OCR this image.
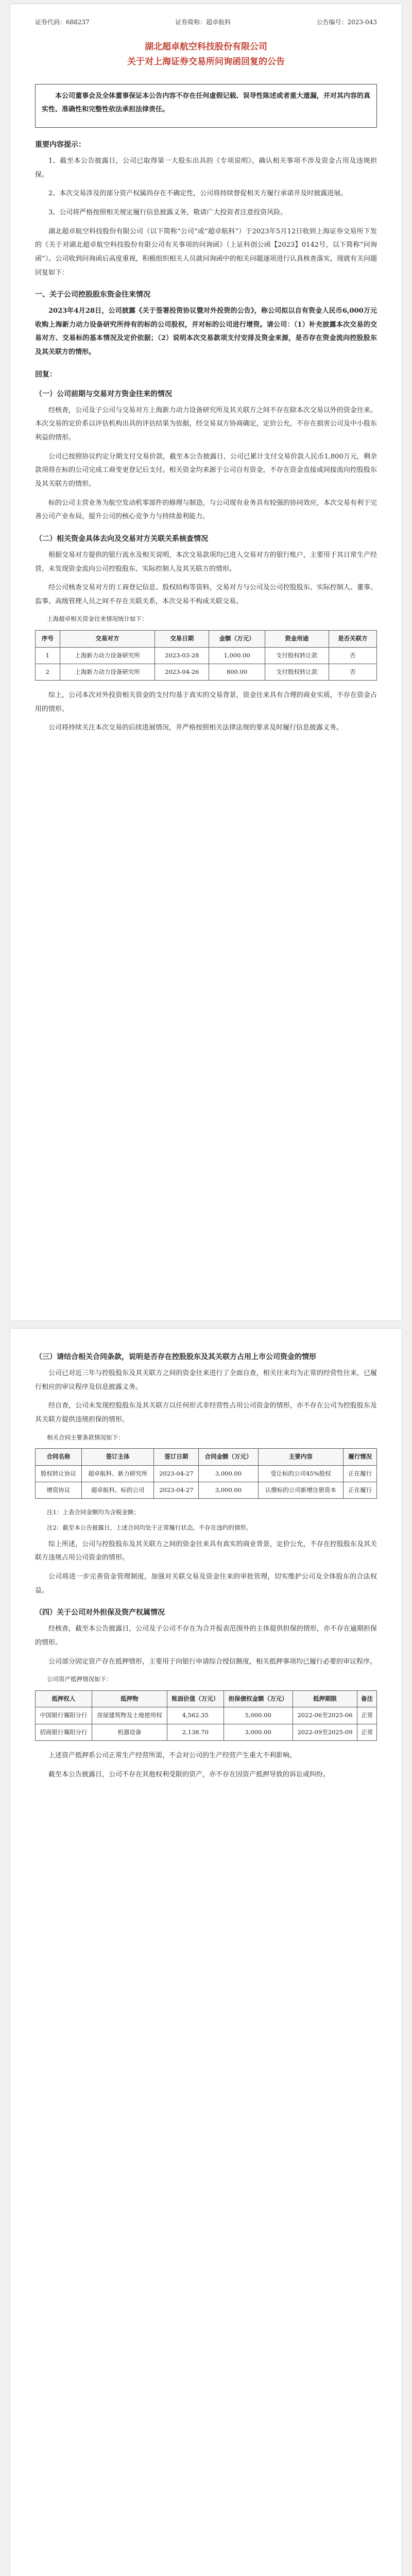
证券代码：688237	证券简称：超卓航科	公告编号：2023-043
湖北超卓航空科技股份有限公司
关于对上海证券交易所问询函回复的公告

本公司董事会及全体董事保证本公告内容不存在任何虚假记载、误导性陈述或者重大遗漏，并对其内容的真实性、准确性和完整性依法承担法律责任。

重要内容提示：

1、截至本公告披露日，公司已取得第一大股东出具的《专项说明》，确认相关事项不涉及资金占用及违规担保。

2、本次交易涉及的部分资产权属尚存在不确定性，公司将持续督促相关方履行承诺并及时披露进展。

3、公司将严格按照相关规定履行信息披露义务，敬请广大投资者注意投资风险。

湖北超卓航空科技股份有限公司（以下简称“公司”或“超卓航科”）于2023年5月12日收到上海证券交易所下发的《关于对湖北超卓航空科技股份有限公司有关事项的问询函》（上证科创公函【2023】0142号，以下简称“问询函”）。公司收到问询函后高度重视，积极组织相关人员就问询函中的相关问题逐项进行认真核查落实，现就有关问题回复如下：

一、关于公司控股股东资金往来情况

2023年4月28日，公司披露《关于签署投资协议暨对外投资的公告》，称公司拟以自有资金人民币6,000万元收购上海新力动力设备研究所持有的标的公司股权，并对标的公司进行增资。请公司：（1）补充披露本次交易的交易对方、交易标的基本情况及定价依据；（2）说明本次交易款项支付安排及资金来源，是否存在资金流向控股股东及其关联方的情形。

回复：
（一）公司前期与交易对方资金往来的情况

经核查，公司及子公司与交易对方上海新力动力设备研究所及其关联方之间不存在除本次交易以外的资金往来。本次交易的定价系以评估机构出具的评估结果为依据，经交易双方协商确定，定价公允，不存在损害公司及中小股东利益的情形。

公司已按照协议约定分期支付交易价款，截至本公告披露日，公司已累计支付交易价款人民币1,800万元，剩余款项将在标的公司完成工商变更登记后支付。相关资金均来源于公司自有资金，不存在资金直接或间接流向控股股东及其关联方的情形。

标的公司主营业务为航空发动机零部件的修理与制造，与公司现有业务具有较强的协同效应，本次交易有利于完善公司产业布局，提升公司的核心竞争力与持续盈利能力。

（二）相关资金具体去向及交易对方关联关系核查情况

根据交易对方提供的银行流水及相关说明，本次交易款项均已进入交易对方的银行账户，主要用于其日常生产经营，未发现资金流向公司控股股东、实际控制人及其关联方的情形。

经公司核查交易对方的工商登记信息、股权结构等资料，交易对方与公司及公司控股股东、实际控制人、董事、监事、高级管理人员之间不存在关联关系，本次交易不构成关联交易。

上海超卓相关资金往来情况统计如下：

序号	交易对方	交易日期	金额（万元）	资金用途	是否关联方
1	上海新力动力设备研究所	2023-03-28	1,000.00	支付股权转让款	否
2	上海新力动力设备研究所	2023-04-26	800.00	支付股权转让款	否

综上，公司本次对外投资相关资金的支付均基于真实的交易背景，资金往来具有合理的商业实质，不存在资金占用的情形。

公司将持续关注本次交易的后续进展情况，并严格按照相关法律法规的要求及时履行信息披露义务。

（三）请结合相关合同条款，说明是否存在控股股东及其关联方占用上市公司资金的情形

公司已对近三年与控股股东及其关联方之间的资金往来进行了全面自查，相关往来均为正常的经营性往来，已履行相应的审议程序及信息披露义务。

经自查，公司未发现控股股东及其关联方以任何形式非经营性占用公司资金的情形，亦不存在公司为控股股东及其关联方提供违规担保的情形。

相关合同主要条款情况如下：

合同名称	签订主体	签订日期	合同金额（万元）	主要内容	履行情况
股权转让协议	超卓航科、新力研究所	2023-04-27	3,000.00	受让标的公司45%股权	正在履行
增资协议	超卓航科、标的公司	2023-04-27	3,000.00	认缴标的公司新增注册资本	正在履行

注1：上表合同金额均为含税金额；

注2：截至本公告披露日，上述合同均处于正常履行状态，不存在违约的情形。

综上所述，公司与控股股东及其关联方之间的资金往来具有真实的商业背景，定价公允，不存在控股股东及其关联方违规占用公司资金的情形。

公司将进一步完善资金管理制度，加强对关联交易及资金往来的审批管理，切实维护公司及全体股东的合法权益。

（四）关于公司对外担保及资产权属情况

经核查，截至本公告披露日，公司及子公司不存在为合并报表范围外的主体提供担保的情形，亦不存在逾期担保的情形。

公司部分固定资产存在抵押情形，主要用于向银行申请综合授信额度，相关抵押事项均已履行必要的审议程序。

公司资产抵押情况如下：

抵押权人	抵押物	账面价值（万元）	担保债权金额（万元）	抵押期限	备注
中国银行襄阳分行	房屋建筑物及土地使用权	4,562.35	5,000.00	2022-06至2025-06	正常
招商银行襄阳分行	机器设备	2,138.70	3,000.00	2022-09至2025-09	正常

上述资产抵押系公司正常生产经营所需，不会对公司的生产经营产生重大不利影响。

截至本公告披露日，公司不存在其他权利受限的资产，亦不存在因资产抵押导致的诉讼或纠纷。
